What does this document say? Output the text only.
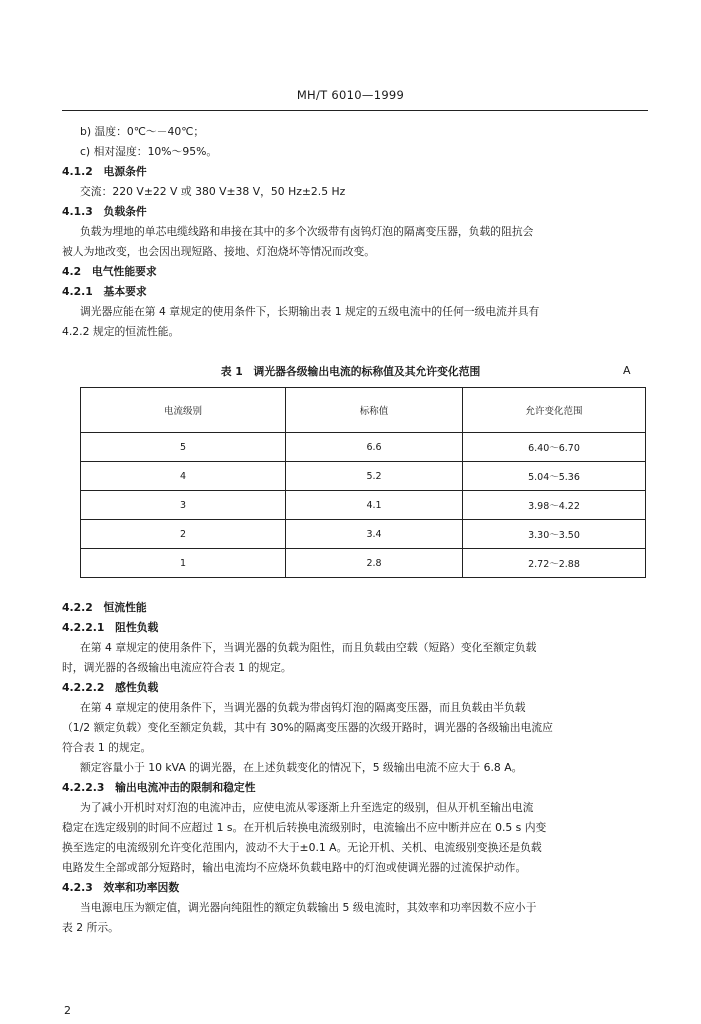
MH/T 6010—1999
b) 温度：0℃～－40℃；
c) 相对湿度：10%～95%。
4.1.2　电源条件
交流：220 V±22 V 或 380 V±38 V，50 Hz±2.5 Hz
4.1.3　负载条件
负载为埋地的单芯电缆线路和串接在其中的多个次级带有卤钨灯泡的隔离变压器，负载的阻抗会
被人为地改变，也会因出现短路、接地、灯泡烧坏等情况而改变。
4.2　电气性能要求
4.2.1　基本要求
调光器应能在第 4 章规定的使用条件下，长期输出表 1 规定的五级电流中的任何一级电流并具有
4.2.2 规定的恒流性能。
表 1　调光器各级输出电流的标称值及其允许变化范围	A
电流级别	标称值	允许变化范围
5	6.6	6.40～6.70
4	5.2	5.04～5.36
3	4.1	3.98～4.22
2	3.4	3.30～3.50
1	2.8	2.72～2.88
4.2.2　恒流性能
4.2.2.1　阻性负载
在第 4 章规定的使用条件下，当调光器的负载为阻性，而且负载由空载（短路）变化至额定负载
时，调光器的各级输出电流应符合表 1 的规定。
4.2.2.2　感性负载
在第 4 章规定的使用条件下，当调光器的负载为带卤钨灯泡的隔离变压器，而且负载由半负载
（1/2 额定负载）变化至额定负载，其中有 30%的隔离变压器的次级开路时，调光器的各级输出电流应
符合表 1 的规定。
额定容量小于 10 kVA 的调光器，在上述负载变化的情况下，5 级输出电流不应大于 6.8 A。
4.2.2.3　输出电流冲击的限制和稳定性
为了减小开机时对灯泡的电流冲击，应使电流从零逐渐上升至选定的级别，但从开机至输出电流
稳定在选定级别的时间不应超过 1 s。在开机后转换电流级别时，电流输出不应中断并应在 0.5 s 内变
换至选定的电流级别允许变化范围内，波动不大于±0.1 A。无论开机、关机、电流级别变换还是负载
电路发生全部或部分短路时，输出电流均不应烧坏负载电路中的灯泡或使调光器的过流保护动作。
4.2.3　效率和功率因数
当电源电压为额定值，调光器向纯阻性的额定负载输出 5 级电流时，其效率和功率因数不应小于
表 2 所示。
2
